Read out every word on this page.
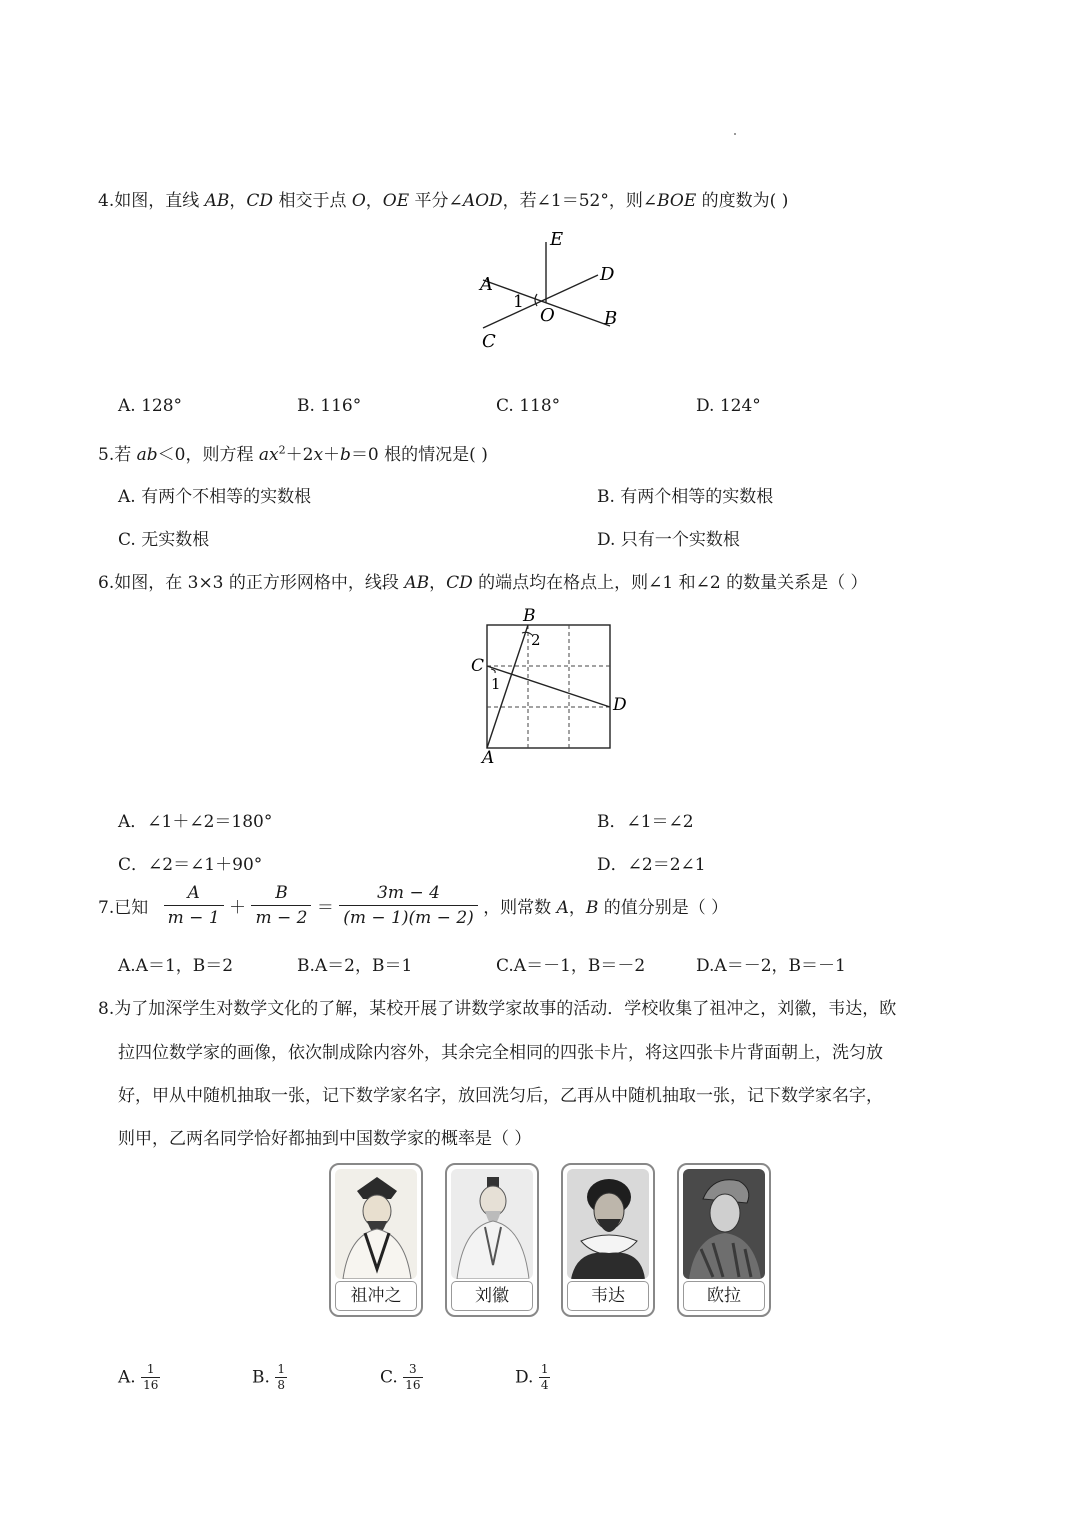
4.如图，直线 AB，CD 相交于点 O，OE 平分∠AOD，若∠1＝52°，则∠BOE 的度数为( )
E
D
A
1
O	B
C
A. 128°	B. 116°	C. 118°	D. 124°
5.若 ab＜0，则方程 $ax^2+2x+b=0$ 根的情况是( )
A. 有两个不相等的实数根	B. 有两个相等的实数根
C. 无实数根	D. 只有一个实数根
6.如图，在 3×3 的正方形网格中，线段 AB，CD 的端点均在格点上，则∠1 和∠2 的数量关系是（ ）
B
2
C
1
D
A
A．∠1＋∠2＝180°	B．∠1＝∠2
C．∠2＝∠1＋90°	D．∠2＝2∠1
7.已知 $\frac{A}{m - 1} + \frac{B}{m - 2} = \frac{3m - 4}{(m - 1)(m - 2)}$ ，则常数 A，B 的值分别是（ ）
A.A＝1，B＝2	B.A＝2，B＝1	C.A＝－1，B＝－2	D.A＝－2，B＝－1
8.为了加深学生对数学文化的了解，某校开展了讲数学家故事的活动．学校收集了祖冲之，刘徽，韦达，欧
拉四位数学家的画像，依次制成除内容外，其余完全相同的四张卡片，将这四张卡片背面朝上，洗匀放
好，甲从中随机抽取一张，记下数学家名字，放回洗匀后，乙再从中随机抽取一张，记下数学家名字，
则甲，乙两名同学恰好都抽到中国数学家的概率是（ ）
祖冲之	刘徽	韦达	欧拉
A. $\frac{1}{16}$	B. $\frac{1}{8}$	C. $\frac{3}{16}$	D. $\frac{1}{4}$
